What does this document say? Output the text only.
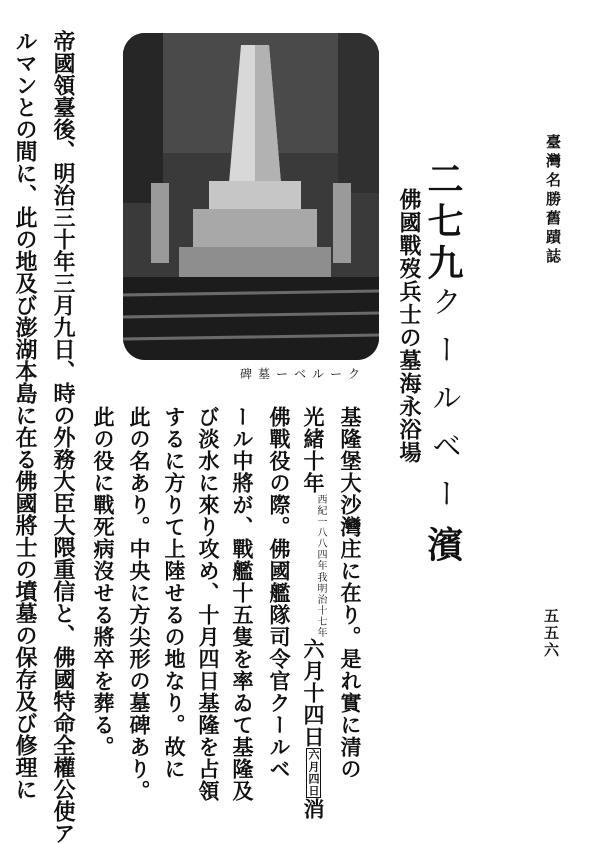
臺灣名勝舊蹟誌
五五六
碑墓ーベルーク
二七九クールベー濱
佛國戰歿兵士の墓海永浴場
基隆堡大沙灣庄に在り。是れ實に清の
光緒十年
我明治十七年
西紀一八八四年
六月十四日六月四日消
佛戰役の際。佛國艦隊司令官クールベ
ール中將が、戰艦十五隻を率ゐて基隆及
び淡水に來り攻め、十月四日基隆を占領
するに方りて上陸せるの地なり。故に
此の名あり。中央に方尖形の墓碑あり。
此の役に戰死病沒せる將卒を葬る。
帝國領臺後、明治三十年三月九日、時の外務大臣大隈重信と、佛國特命全權公使ア
ルマンとの間に、此の地及び澎湖本島に在る佛國將士の墳墓の保存及び修理に
